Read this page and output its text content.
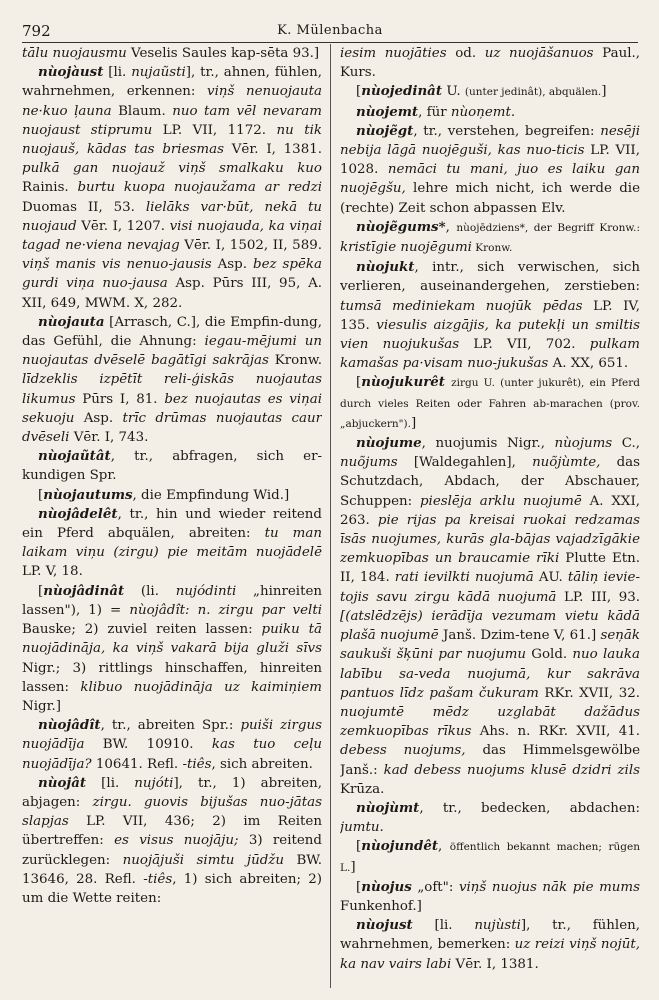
792	K. Mülenbacha

tālu nuojausmu Veselis Saules kap-sēta 93.]

nùojàust [li. nujaũsti], tr., ahnen, fühlen, wahrnehmen, erkennen: viņš nenuojauta ne·kuo ļauna Blaum. nuo tam vēl nevaram nuojaust stiprumu LP. VII, 1172. nu tik nuojauš, kādas tas briesmas Vēr. I, 1381. pulkā gan nuojauž viņš smalkaku kuo Rainis. burtu kuopa nuojaužama ar redzi Duomas II, 53. lielāks var·būt, nekā tu nuojaud Vēr. I, 1207. visi nuojauda, ka viņai tagad ne·viena nevajag Vēr. I, 1502, II, 589. viņš manis vis nenuo-jausis Asp. bez spēka gurdi viņa nuo-jausa Asp. Pūrs III, 95, A. XII, 649, MWM. X, 282.

nùojauta [Arrasch, C.], die Empfin-dung, das Gefühl, die Ahnung: iegau-mējumi un nuojautas dvēselē bagātīgi sakrājas Kronw. līdzeklis izpētīt reli-ģiskās nuojautas likumus Pūrs I, 81. bez nuojautas es viņai sekuoju Asp. trīc drūmas nuojautas caur dvēseli Vēr. I, 743.

nùojaũtât, tr., abfragen, sich er-kundigen Spr.

[nùojautums, die Empfindung Wid.]

nùojâdelêt, tr., hin und wieder reitend ein Pferd abquälen, abreiten: tu man laikam viņu (zirgu) pie meitām nuojādelē LP. V, 18.

[nùojâdinât (li. nujódinti „hinreiten lassen"), 1) = nùojâdît: n. zirgu par velti Bauske; 2) zuviel reiten lassen: puiku tā nuojādināja, ka viņš vakarā bija gluži sīvs Nigr.; 3) rittlings hinschaffen, hinreiten lassen: klibuo nuojādināja uz kaimiņiem Nigr.]

nùojâdît, tr., abreiten Spr.: puiši zirgus nuojādīja BW. 10910. kas tuo ceļu nuojādīja? 10641. Refl. -tiês, sich abreiten.

nùojât [li. nujóti], tr., 1) abreiten, abjagen: zirgu. guovis bijušas nuo-jātas slapjas LP. VII, 436; 2) im Reiten übertreffen: es visus nuojāju; 3) reitend zurücklegen: nuojājuši simtu jūdžu BW. 13646, 28. Refl. -tiês, 1) sich abreiten; 2) um die Wette reiten:

iesim nuojāties od. uz nuojāšanuos Paul., Kurs.

[nùojedinât U. (unter jedinât), abquälen.]

nùojemt, für nùoņemt.

nùojẽgt, tr., verstehen, begreifen: nesēji nebija lāgā nuojēguši, kas nuo-ticis LP. VII, 1028. nemāci tu mani, juo es laiku gan nuojēgšu, lehre mich nicht, ich werde die (rechte) Zeit schon abpassen Elv.

nùojẽgums*, nùojēdziens*, der Begriff Kronw.: kristīgie nuojēgumi Kronw.

nùojukt, intr., sich verwischen, sich verlieren, auseinandergehen, zerstieben: tumsā mediniekam nuojūk pēdas LP. IV, 135. viesulis aizgājis, ka putekļi un smiltis vien nuojukušas LP. VII, 702. pulkam kamašas pa·visam nuo-jukušas A. XX, 651.

[nùojukurêt zirgu U. (unter jukurêt), ein Pferd durch vieles Reiten oder Fahren ab-marachen (prov. „abjuckern").]

nùojume, nuojumis Nigr., nùojums C., nuõjums [Waldegahlen], nuõjùmte, das Schutzdach, Abdach, der Abschauer, Schuppen: pieslēja arklu nuojumē A. XXI, 263. pie rijas pa kreisai ruokai redzamas īsās nuojumes, kurās gla-bājas vajadzīgākie zemkuopības un braucamie rīki Plutte Etn. II, 184. rati ievilkti nuojumā AU. tāliņ ievie-tojis savu zirgu kādā nuojumā LP. III, 93. [(atslēdzējs) ierādīja vezumam vietu kādā plašā nuojumē Janš. Dzim-tene V, 61.] seņāk saukuši šķūni par nuojumu Gold. nuo lauka labību sa-veda nuojumā, kur sakrāva pantuos līdz pašam čukuram RKr. XVII, 32. nuojumtē mēdz uzglabāt dažādus zemkuopības rīkus Ahs. n. RKr. XVII, 41. debess nuojums, das Himmelsgewölbe Janš.: kad debess nuojums klusē dzidri zils Krūza.

nùojùmt, tr., bedecken, abdachen: jumtu.

[nùojundêt, öffentlich bekannt machen; rūgen L.]

[nùojus „oft": viņš nuojus nāk pie mums Funkenhof.]

nùojust [li. nujùsti], tr., fühlen, wahrnehmen, bemerken: uz reizi viņš nojūt, ka nav vairs labi Vēr. I, 1381.
